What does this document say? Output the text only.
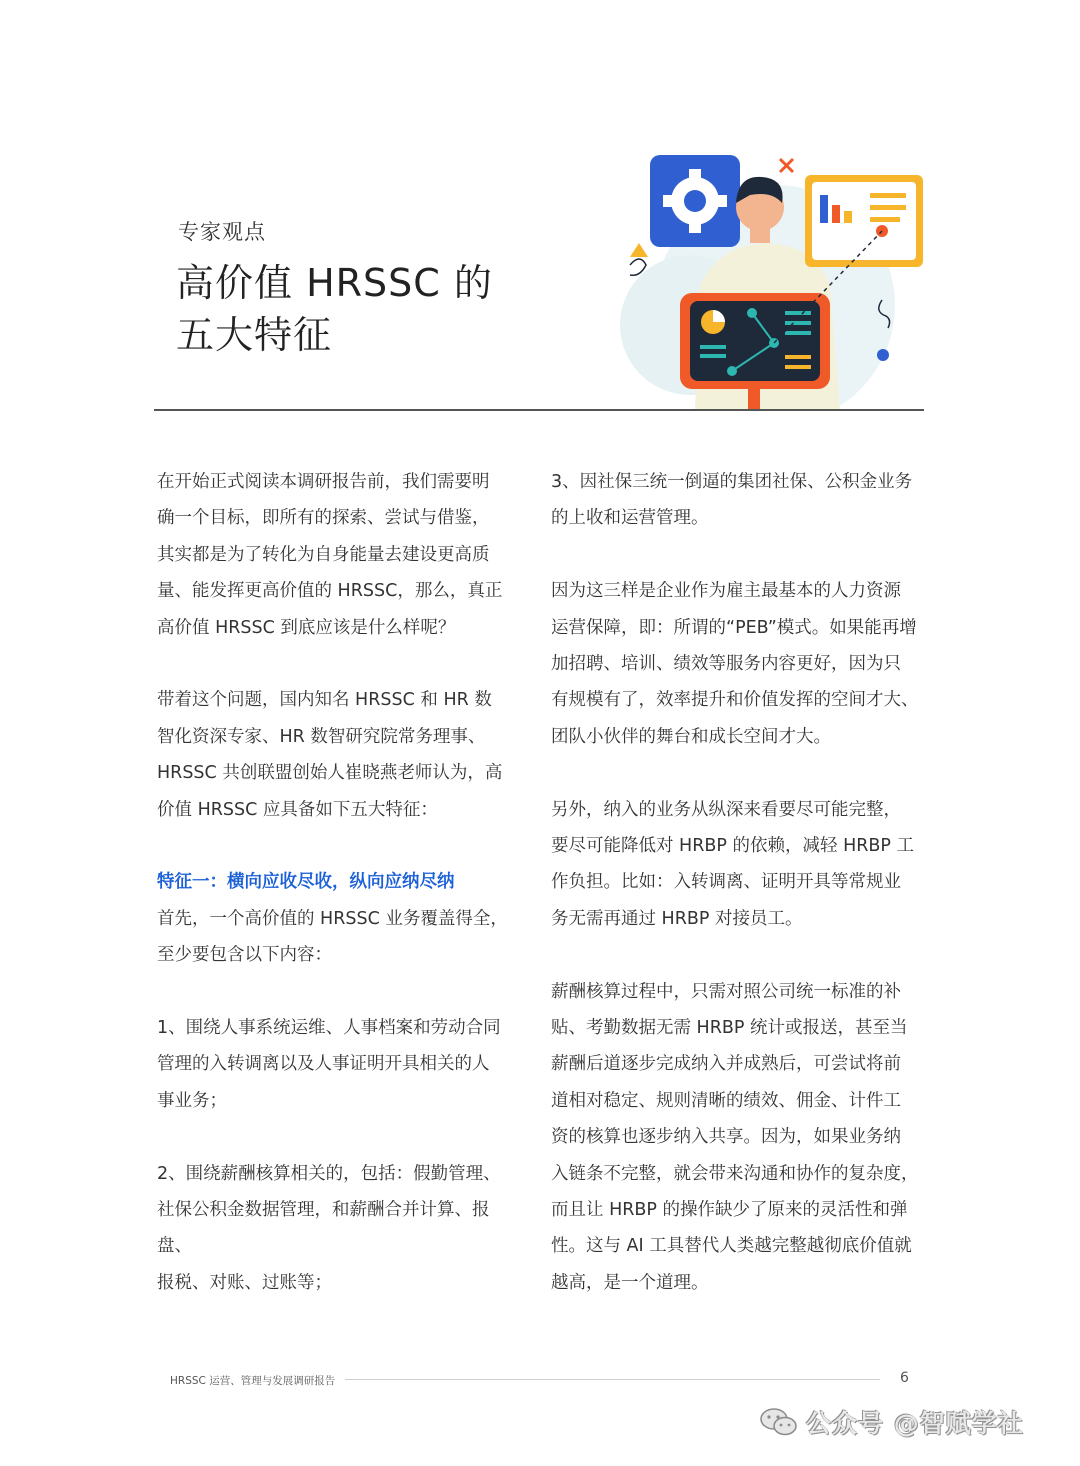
专家观点
高价值 HRSSC 的
五大特征

在开始正式阅读本调研报告前，我们需要明

确一个目标，即所有的探索、尝试与借鉴，

其实都是为了转化为自身能量去建设更高质

量、能发挥更高价值的 HRSSC，那么，真正

高价值 HRSSC 到底应该是什么样呢？

带着这个问题，国内知名 HRSSC 和 HR 数

智化资深专家、HR 数智研究院常务理事、

HRSSC 共创联盟创始人崔晓燕老师认为，高

价值 HRSSC 应具备如下五大特征：

特征一：横向应收尽收，纵向应纳尽纳

首先，一个高价值的 HRSSC 业务覆盖得全，

至少要包含以下内容：

1、围绕人事系统运维、人事档案和劳动合同

管理的入转调离以及人事证明开具相关的人

事业务；

2、围绕薪酬核算相关的，包括：假勤管理、

社保公积金数据管理，和薪酬合并计算、报盘、

报税、对账、过账等；

3、因社保三统一倒逼的集团社保、公积金业务

的上收和运营管理。

因为这三样是企业作为雇主最基本的人力资源

运营保障，即：所谓的“PEB”模式。如果能再增

加招聘、培训、绩效等服务内容更好，因为只

有规模有了，效率提升和价值发挥的空间才大、

团队小伙伴的舞台和成长空间才大。

另外，纳入的业务从纵深来看要尽可能完整，

要尽可能降低对 HRBP 的依赖，减轻 HRBP 工

作负担。比如：入转调离、证明开具等常规业

务无需再通过 HRBP 对接员工。

薪酬核算过程中，只需对照公司统一标准的补

贴、考勤数据无需 HRBP 统计或报送，甚至当

薪酬后道逐步完成纳入并成熟后，可尝试将前

道相对稳定、规则清晰的绩效、佣金、计件工

资的核算也逐步纳入共享。因为，如果业务纳

入链条不完整，就会带来沟通和协作的复杂度，

而且让 HRBP 的操作缺少了原来的灵活性和弹

性。这与 AI 工具替代人类越完整越彻底价值就

越高，是一个道理。

HRSSC 运营、管理与发展调研报告	6
公众号 @智赋学社
